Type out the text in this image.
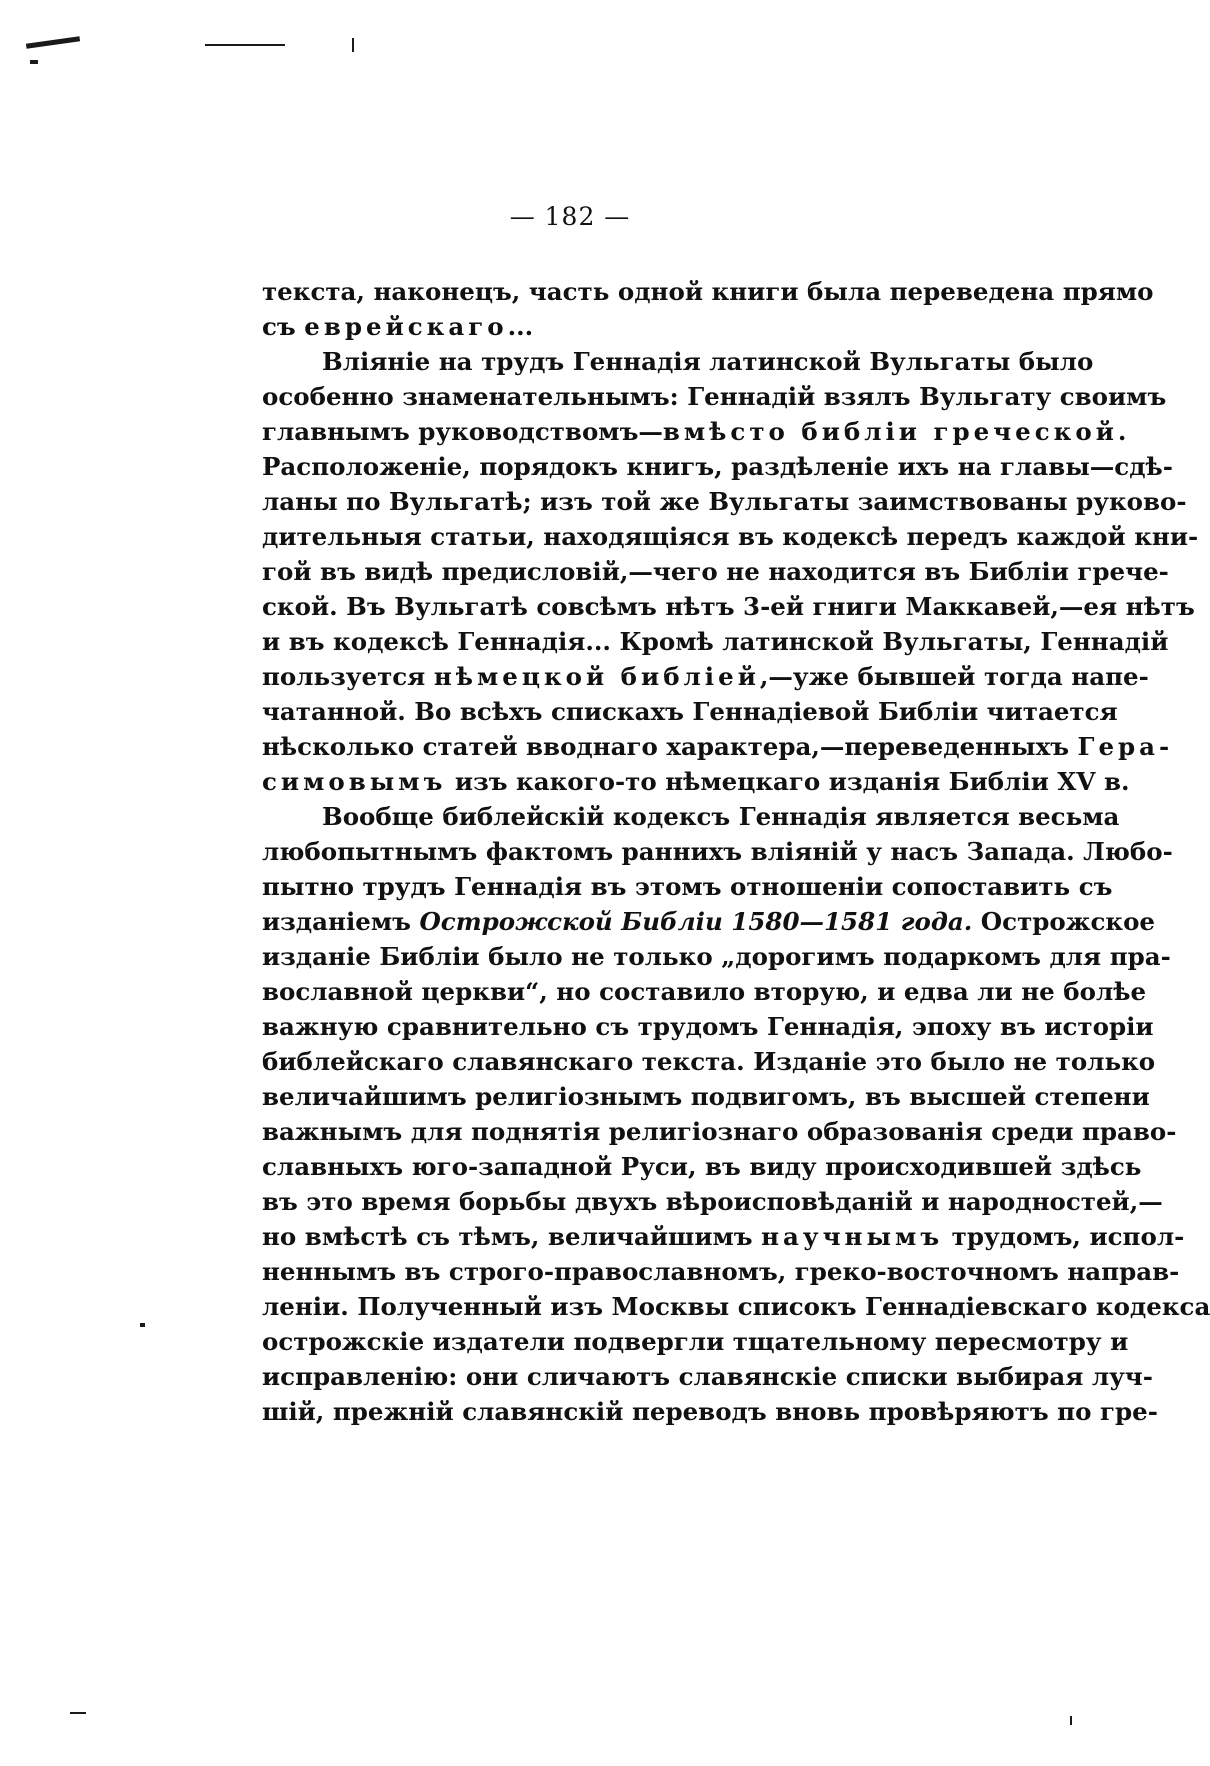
— 182 —
текста, наконецъ, часть одной книги была переведена прямо
съ еврейскаго...
Вліяніе на трудъ Геннадія латинской Вульгаты было
особенно знаменательнымъ: Геннадій взялъ Вульгату своимъ
главнымъ руководствомъ—вмѣсто библіи греческой.
Расположеніе, порядокъ книгъ, раздѣленіе ихъ на главы—сдѣ-
ланы по Вульгатѣ; изъ той же Вульгаты заимствованы руково-
дительныя статьи, находящіяся въ кодексѣ передъ каждой кни-
гой въ видѣ предисловій,—чего не находится въ Библіи грече-
ской. Въ Вульгатѣ совсѣмъ нѣтъ 3-ей гниги Маккавей,—ея нѣтъ
и въ кодексѣ Геннадія... Кромѣ латинской Вульгаты, Геннадій
пользуется нѣмецкой библіей,—уже бывшей тогда напе-
чатанной. Во всѣхъ спискахъ Геннадіевой Библіи читается
нѣсколько статей вводнаго характера,—переведенныхъ Гера-
симовымъ изъ какого-то нѣмецкаго изданія Библіи XV в.
Вообще библейскій кодексъ Геннадія является весьма
любопытнымъ фактомъ раннихъ вліяній у насъ Запада. Любо-
пытно трудъ Геннадія въ этомъ отношеніи сопоставить съ
изданіемъ Острожской Библіи 1580—1581 года. Острожское
изданіе Библіи было не только „дорогимъ подаркомъ для пра-
вославной церкви“, но составило вторую, и едва ли не болѣе
важную сравнительно съ трудомъ Геннадія, эпоху въ исторіи
библейскаго славянскаго текста. Изданіе это было не только
величайшимъ религіознымъ подвигомъ, въ высшей степени
важнымъ для поднятія религіознаго образованія среди право-
славныхъ юго-западной Руси, въ виду происходившей здѣсь
въ это время борьбы двухъ вѣроисповѣданій и народностей,—
но вмѣстѣ съ тѣмъ, величайшимъ научнымъ трудомъ, испол-
неннымъ въ строго-православномъ, греко-восточномъ направ-
леніи. Полученный изъ Москвы списокъ Геннадіевскаго кодекса
острожскіе издатели подвергли тщательному пересмотру и
исправленію: они сличаютъ славянскіе списки выбирая луч-
шій, прежній славянскій переводъ вновь провѣряютъ по гре-
